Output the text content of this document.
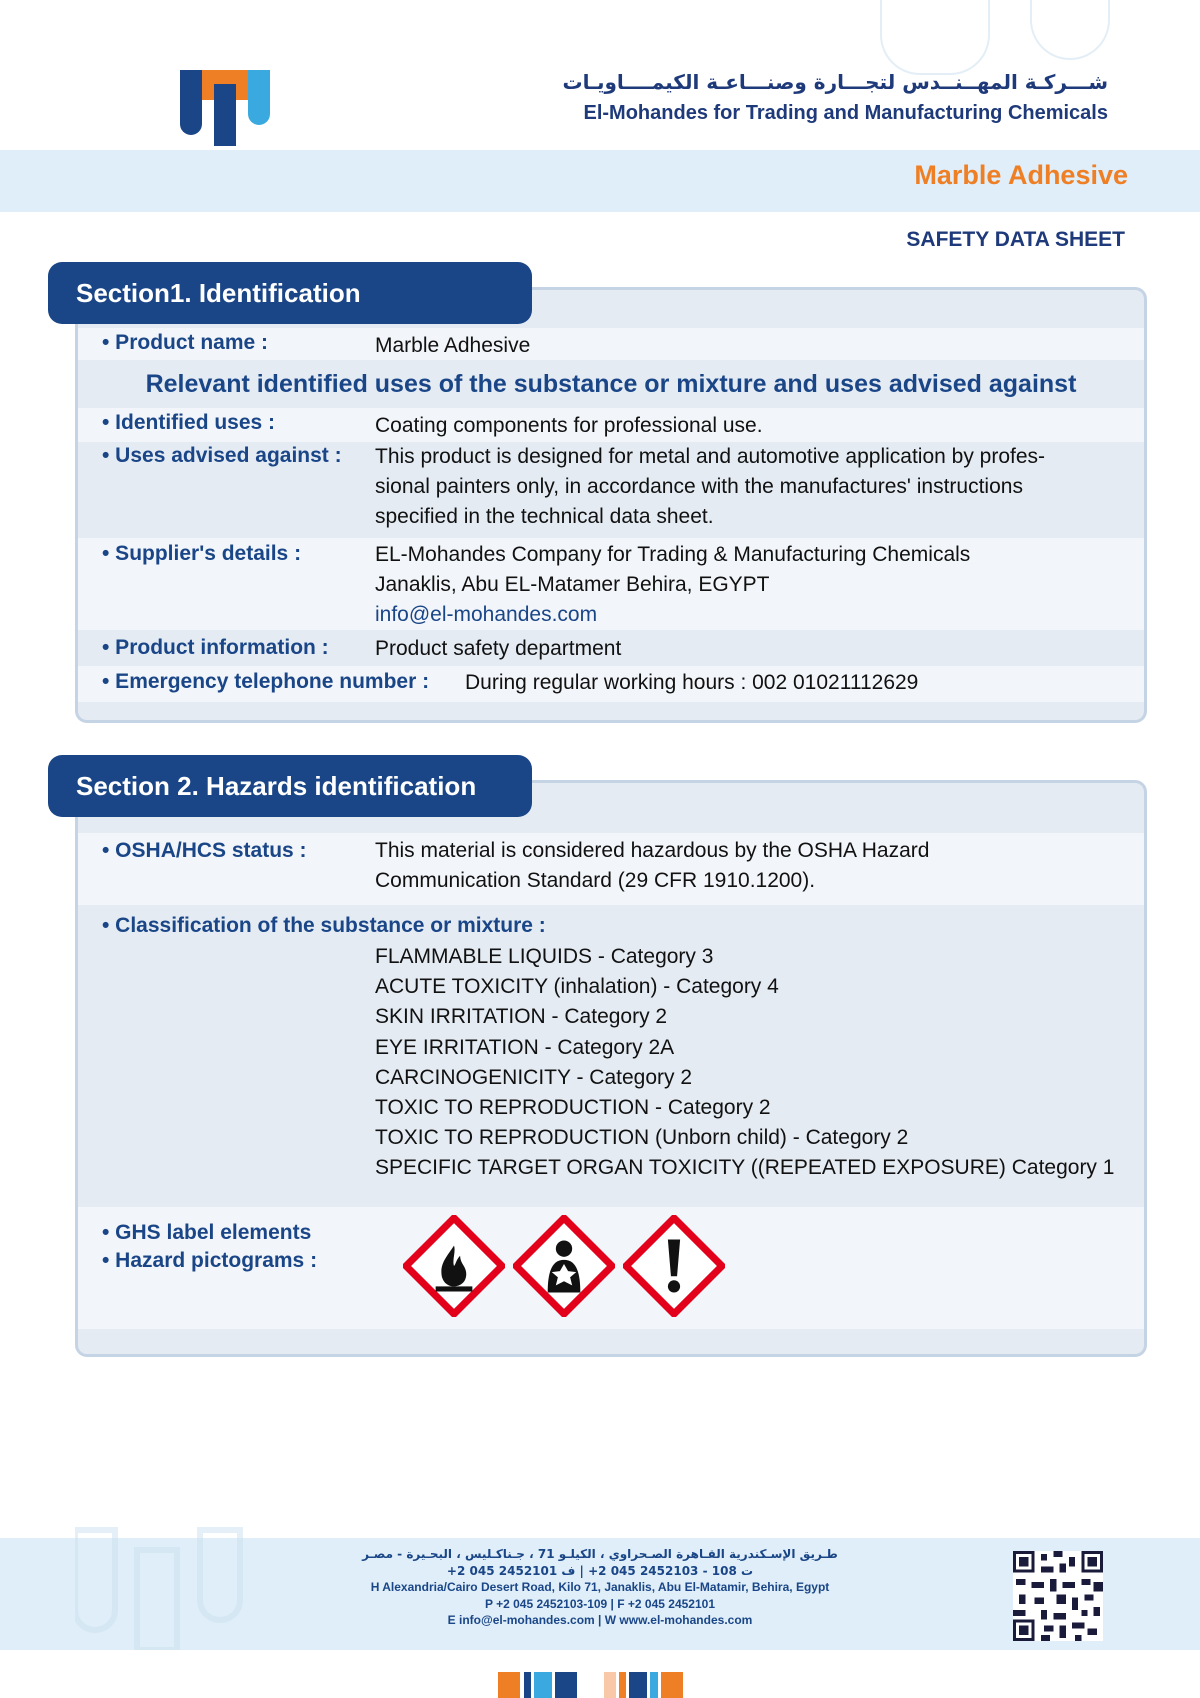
شـــركـة المهــنــدس لتجـــارة وصنـــاعـة الكيمــــاويـات
El-Mohandes for Trading and Manufacturing Chemicals
Marble Adhesive
SAFETY DATA SHEET
• Product name :	Marble Adhesive
Relevant identified uses of the substance or mixture and uses advised against
• Identified uses :	Coating components for professional use.
• Uses advised against : This product is designed for metal and automotive application by profes-
sional painters only, in accordance with the manufactures' instructions
specified in the technical data sheet.
• Supplier's details :	EL-Mohandes Company for Trading & Manufacturing Chemicals
Janaklis, Abu EL-Matamer Behira, EGYPT
info@el-mohandes.com
• Product information : Product safety department
• Emergency telephone number : During regular working hours : 002 01021112629
Section1. Identification
• OSHA/HCS status :	This material is considered hazardous by the OSHA Hazard
Communication Standard (29 CFR 1910.1200).
• Classification of the substance or mixture :
FLAMMABLE LIQUIDS - Category 3
ACUTE TOXICITY (inhalation) - Category 4
SKIN IRRITATION - Category 2
EYE IRRITATION - Category 2A
CARCINOGENICITY - Category 2
TOXIC TO REPRODUCTION - Category 2
TOXIC TO REPRODUCTION (Unborn child) - Category 2
SPECIFIC TARGET ORGAN TOXICITY ((REPEATED EXPOSURE) Category 1
• GHS label elements
• Hazard pictograms :
Section 2. Hazards identification
طـريق الإسـكندرية القـاهرة الصـحراوي ، الكيلـو 71 ، جـناكـليس ، البحـيرة - مصـر
ت 108 - 2452103 045 2+ | ف 2452101 045 2+
H Alexandria/Cairo Desert Road, Kilo 71, Janaklis, Abu El-Matamir, Behira, Egypt
P +2 045 2452103-109 | F +2 045 2452101
E info@el-mohandes.com | W www.el-mohandes.com
